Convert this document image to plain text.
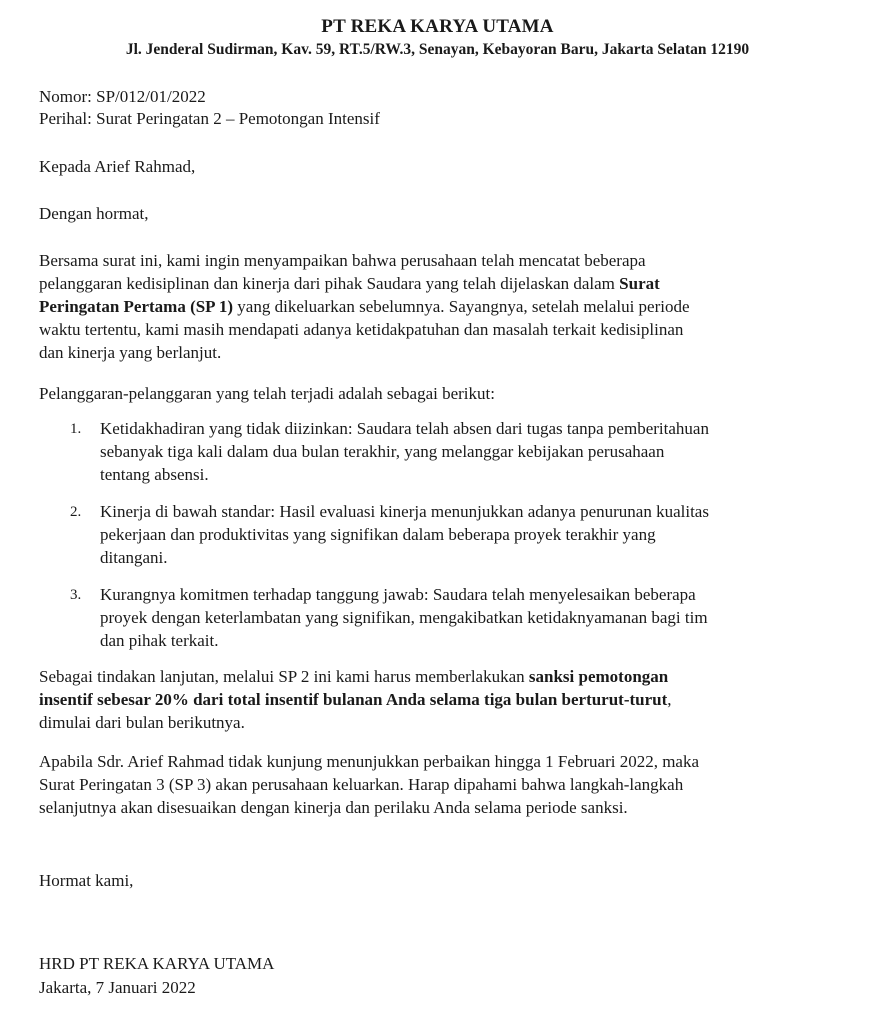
PT REKA KARYA UTAMA
Jl. Jenderal Sudirman, Kav. 59, RT.5/RW.3, Senayan, Kebayoran Baru, Jakarta Selatan 12190
Nomor: SP/012/01/2022
Perihal: Surat Peringatan 2 – Pemotongan Intensif
Kepada Arief Rahmad,
Dengan hormat,
Bersama surat ini, kami ingin menyampaikan bahwa perusahaan telah mencatat beberapa
pelanggaran kedisiplinan dan kinerja dari pihak Saudara yang telah dijelaskan dalam Surat
Peringatan Pertama (SP 1) yang dikeluarkan sebelumnya. Sayangnya, setelah melalui periode
waktu tertentu, kami masih mendapati adanya ketidakpatuhan dan masalah terkait kedisiplinan
dan kinerja yang berlanjut.
Pelanggaran-pelanggaran yang telah terjadi adalah sebagai berikut:
1. Ketidakhadiran yang tidak diizinkan: Saudara telah absen dari tugas tanpa pemberitahuan
sebanyak tiga kali dalam dua bulan terakhir, yang melanggar kebijakan perusahaan
tentang absensi.
2. Kinerja di bawah standar: Hasil evaluasi kinerja menunjukkan adanya penurunan kualitas
pekerjaan dan produktivitas yang signifikan dalam beberapa proyek terakhir yang
ditangani.
3. Kurangnya komitmen terhadap tanggung jawab: Saudara telah menyelesaikan beberapa
proyek dengan keterlambatan yang signifikan, mengakibatkan ketidaknyamanan bagi tim
dan pihak terkait.
Sebagai tindakan lanjutan, melalui SP 2 ini kami harus memberlakukan sanksi pemotongan
insentif sebesar 20% dari total insentif bulanan Anda selama tiga bulan berturut-turut,
dimulai dari bulan berikutnya.
Apabila Sdr. Arief Rahmad tidak kunjung menunjukkan perbaikan hingga 1 Februari 2022, maka
Surat Peringatan 3 (SP 3) akan perusahaan keluarkan. Harap dipahami bahwa langkah-langkah
selanjutnya akan disesuaikan dengan kinerja dan perilaku Anda selama periode sanksi.
Hormat kami,
HRD PT REKA KARYA UTAMA
Jakarta, 7 Januari 2022
